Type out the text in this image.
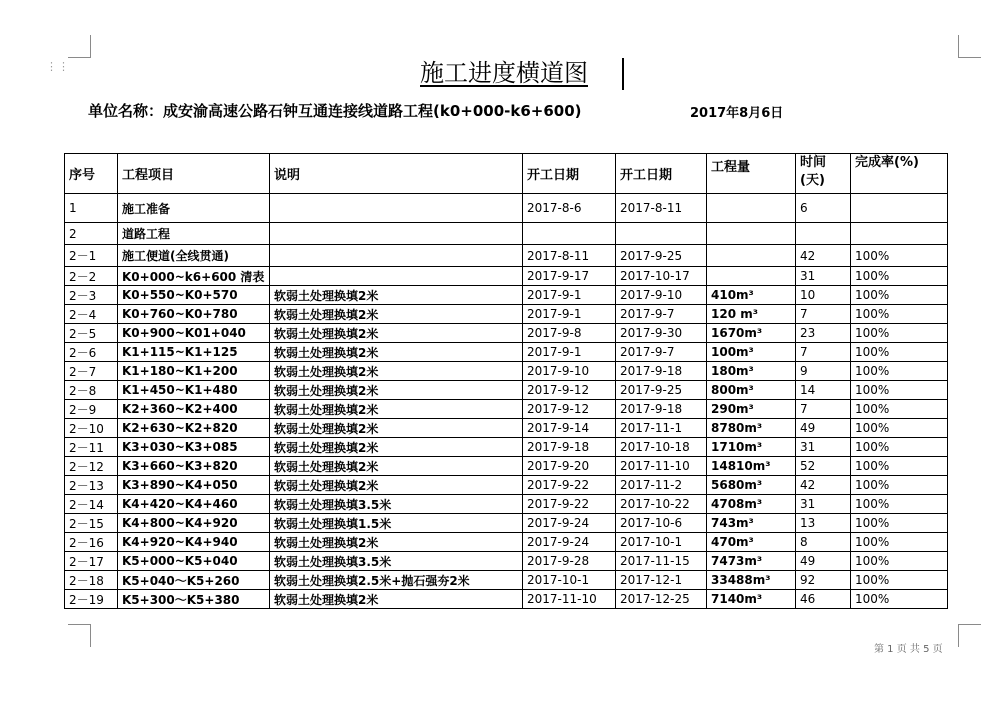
⋮⋮	施工进度横道图
单位名称：成安渝高速公路石钟互通连接线道路工程(k0+000-k6+600)	2017年8月6日
序号	工程项目	说明	开工日期	开工日期	工程量	时间(天)	完成率(%)
1	施工准备		2017-8-6	2017-8-11		6	
2	道路工程						
2－1	施工便道(全线贯通)		2017-8-11	2017-9-25		42	100%
2－2	K0+000~k6+600 清表		2017-9-17	2017-10-17		31	100%
2－3	K0+550~K0+570	软弱土处理换填2米	2017-9-1	2017-9-10	410m³	10	100%
2－4	K0+760~K0+780	软弱土处理换填2米	2017-9-1	2017-9-7	120 m³	7	100%
2－5	K0+900~K01+040	软弱土处理换填2米	2017-9-8	2017-9-30	1670m³	23	100%
2－6	K1+115~K1+125	软弱土处理换填2米	2017-9-1	2017-9-7	100m³	7	100%
2－7	K1+180~K1+200	软弱土处理换填2米	2017-9-10	2017-9-18	180m³	9	100%
2－8	K1+450~K1+480	软弱土处理换填2米	2017-9-12	2017-9-25	800m³	14	100%
2－9	K2+360~K2+400	软弱土处理换填2米	2017-9-12	2017-9-18	290m³	7	100%
2－10	K2+630~K2+820	软弱土处理换填2米	2017-9-14	2017-11-1	8780m³	49	100%
2－11	K3+030~K3+085	软弱土处理换填2米	2017-9-18	2017-10-18	1710m³	31	100%
2－12	K3+660~K3+820	软弱土处理换填2米	2017-9-20	2017-11-10	14810m³	52	100%
2－13	K3+890~K4+050	软弱土处理换填2米	2017-9-22	2017-11-2	5680m³	42	100%
2－14	K4+420~K4+460	软弱土处理换填3.5米	2017-9-22	2017-10-22	4708m³	31	100%
2－15	K4+800~K4+920	软弱土处理换填1.5米	2017-9-24	2017-10-6	743m³	13	100%
2－16	K4+920~K4+940	软弱土处理换填2米	2017-9-24	2017-10-1	470m³	8	100%
2－17	K5+000~K5+040	软弱土处理换填3.5米	2017-9-28	2017-11-15	7473m³	49	100%
2－18	K5+040～K5+260	软弱土处理换填2.5米+抛石强夯2米	2017-10-1	2017-12-1	33488m³	92	100%
2－19	K5+300～K5+380	软弱土处理换填2米	2017-11-10	2017-12-25	7140m³	46	100%
第 1 页 共 5 页
